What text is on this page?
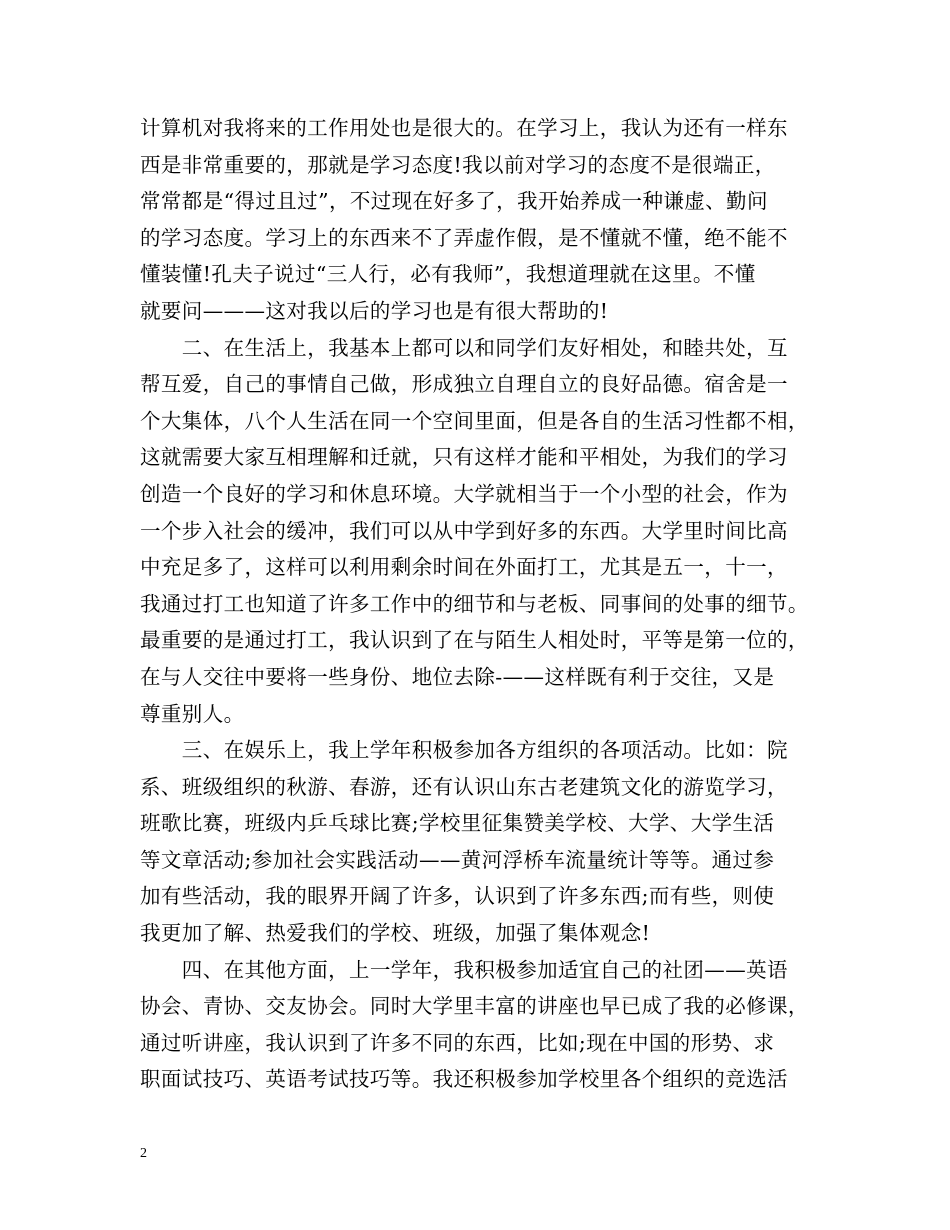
计算机对我将来的工作用处也是很大的。在学习上，我认为还有一样东
西是非常重要的，那就是学习态度!我以前对学习的态度不是很端正，
常常都是“得过且过”，不过现在好多了，我开始养成一种谦虚、勤问
的学习态度。学习上的东西来不了弄虚作假，是不懂就不懂，绝不能不
懂装懂!孔夫子说过“三人行，必有我师”，我想道理就在这里。不懂
就要问———这对我以后的学习也是有很大帮助的!
　　二、在生活上，我基本上都可以和同学们友好相处，和睦共处，互
帮互爱，自己的事情自己做，形成独立自理自立的良好品德。宿舍是一
个大集体，八个人生活在同一个空间里面，但是各自的生活习性都不相，
这就需要大家互相理解和迁就，只有这样才能和平相处，为我们的学习
创造一个良好的学习和休息环境。大学就相当于一个小型的社会，作为
一个步入社会的缓冲，我们可以从中学到好多的东西。大学里时间比高
中充足多了，这样可以利用剩余时间在外面打工，尤其是五一，十一，
我通过打工也知道了许多工作中的细节和与老板、同事间的处事的细节。
最重要的是通过打工，我认识到了在与陌生人相处时，平等是第一位的，
在与人交往中要将一些身份、地位去除-——这样既有利于交往，又是
尊重别人。
　　三、在娱乐上，我上学年积极参加各方组织的各项活动。比如：院
系、班级组织的秋游、春游，还有认识山东古老建筑文化的游览学习，
班歌比赛，班级内乒乓球比赛;学校里征集赞美学校、大学、大学生活
等文章活动;参加社会实践活动——黄河浮桥车流量统计等等。通过参
加有些活动，我的眼界开阔了许多，认识到了许多东西;而有些，则使
我更加了解、热爱我们的学校、班级，加强了集体观念!
　　四、在其他方面，上一学年，我积极参加适宜自己的社团——英语
协会、青协、交友协会。同时大学里丰富的讲座也早已成了我的必修课，
通过听讲座，我认识到了许多不同的东西，比如;现在中国的形势、求
职面试技巧、英语考试技巧等。我还积极参加学校里各个组织的竞选活
2
